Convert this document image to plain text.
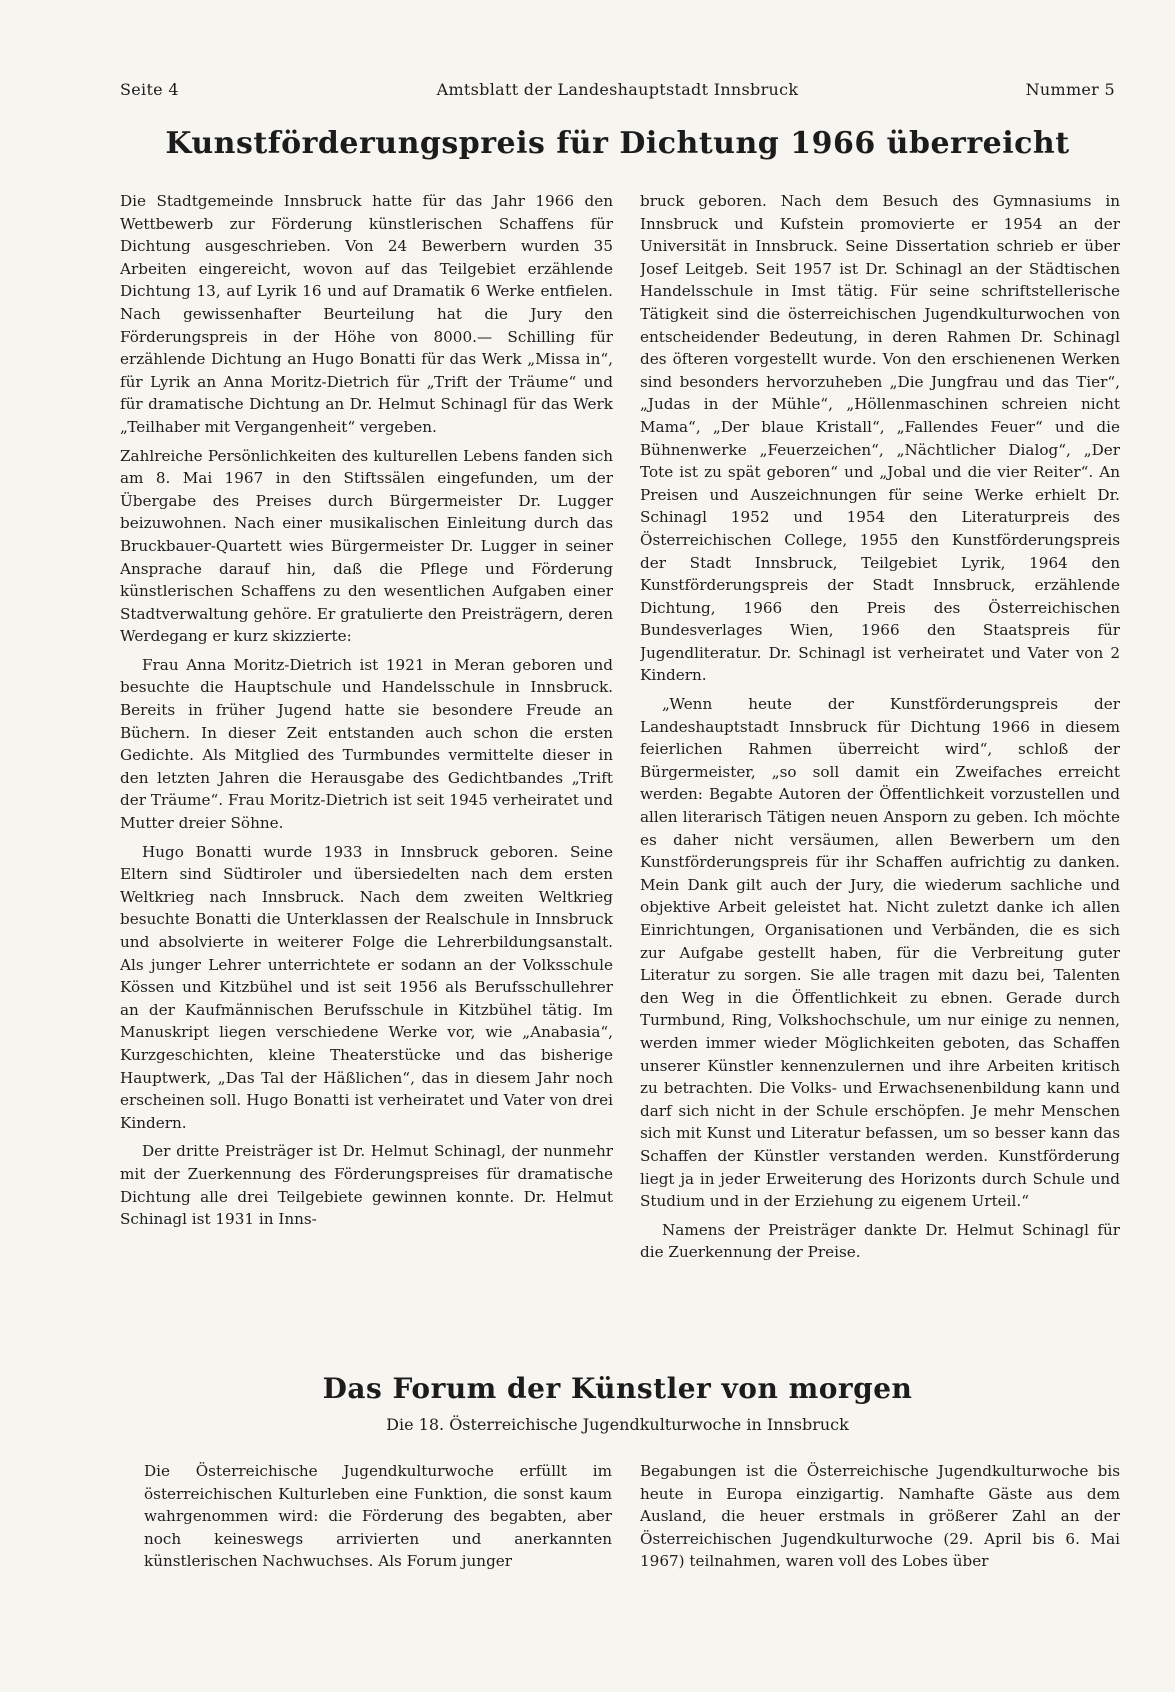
Seite 4	Amtsblatt der Landeshauptstadt Innsbruck	Nummer 5
Kunstförderungspreis für Dichtung 1966 überreicht

Die Stadtgemeinde Innsbruck hatte für das Jahr 1966 den Wettbewerb zur Förderung künstlerischen Schaffens für Dichtung ausgeschrieben. Von 24 Bewerbern wurden 35 Arbeiten eingereicht, wovon auf das Teilgebiet erzählende Dichtung 13, auf Lyrik 16 und auf Dramatik 6 Werke entfielen. Nach gewissenhafter Beurteilung hat die Jury den Förderungspreis in der Höhe von 8000.— Schilling für erzählende Dichtung an Hugo Bonatti für das Werk „Missa in“, für Lyrik an Anna Moritz-Dietrich für „Trift der Träume“ und für dramatische Dichtung an Dr. Helmut Schinagl für das Werk „Teilhaber mit Vergangenheit“ vergeben.

Zahlreiche Persönlichkeiten des kulturellen Lebens fanden sich am 8. Mai 1967 in den Stiftssälen eingefunden, um der Übergabe des Preises durch Bürgermeister Dr. Lugger beizuwohnen. Nach einer musikalischen Einleitung durch das Bruckbauer-Quartett wies Bürgermeister Dr. Lugger in seiner Ansprache darauf hin, daß die Pflege und Förderung künstlerischen Schaffens zu den wesentlichen Aufgaben einer Stadtverwaltung gehöre. Er gratulierte den Preisträgern, deren Werdegang er kurz skizzierte:

Frau Anna Moritz-Dietrich ist 1921 in Meran geboren und besuchte die Hauptschule und Handelsschule in Innsbruck. Bereits in früher Jugend hatte sie besondere Freude an Büchern. In dieser Zeit entstanden auch schon die ersten Gedichte. Als Mitglied des Turmbundes vermittelte dieser in den letzten Jahren die Herausgabe des Gedichtbandes „Trift der Träume“. Frau Moritz-Dietrich ist seit 1945 verheiratet und Mutter dreier Söhne.

Hugo Bonatti wurde 1933 in Innsbruck geboren. Seine Eltern sind Südtiroler und übersiedelten nach dem ersten Weltkrieg nach Innsbruck. Nach dem zweiten Weltkrieg besuchte Bonatti die Unterklassen der Realschule in Innsbruck und absolvierte in weiterer Folge die Lehrerbildungsanstalt. Als junger Lehrer unterrichtete er sodann an der Volksschule Kössen und Kitzbühel und ist seit 1956 als Berufsschullehrer an der Kaufmännischen Berufsschule in Kitzbühel tätig. Im Manuskript liegen verschiedene Werke vor, wie „Anabasia“, Kurzgeschichten, kleine Theaterstücke und das bisherige Hauptwerk, „Das Tal der Häßlichen“, das in diesem Jahr noch erscheinen soll. Hugo Bonatti ist verheiratet und Vater von drei Kindern.

Der dritte Preisträger ist Dr. Helmut Schinagl, der nunmehr mit der Zuerkennung des Förderungspreises für dramatische Dichtung alle drei Teilgebiete gewinnen konnte. Dr. Helmut Schinagl ist 1931 in Inns-

bruck geboren. Nach dem Besuch des Gymnasiums in Innsbruck und Kufstein promovierte er 1954 an der Universität in Innsbruck. Seine Dissertation schrieb er über Josef Leitgeb. Seit 1957 ist Dr. Schinagl an der Städtischen Handelsschule in Imst tätig. Für seine schriftstellerische Tätigkeit sind die österreichischen Jugendkulturwochen von entscheidender Bedeutung, in deren Rahmen Dr. Schinagl des öfteren vorgestellt wurde. Von den erschienenen Werken sind besonders hervorzuheben „Die Jungfrau und das Tier“, „Judas in der Mühle“, „Höllenmaschinen schreien nicht Mama“, „Der blaue Kristall“, „Fallendes Feuer“ und die Bühnenwerke „Feuerzeichen“, „Nächtlicher Dialog“, „Der Tote ist zu spät geboren“ und „Jobal und die vier Reiter“. An Preisen und Auszeichnungen für seine Werke erhielt Dr. Schinagl 1952 und 1954 den Literaturpreis des Österreichischen College, 1955 den Kunstförderungspreis der Stadt Innsbruck, Teilgebiet Lyrik, 1964 den Kunstförderungspreis der Stadt Innsbruck, erzählende Dichtung, 1966 den Preis des Österreichischen Bundesverlages Wien, 1966 den Staatspreis für Jugendliteratur. Dr. Schinagl ist verheiratet und Vater von 2 Kindern.

„Wenn heute der Kunstförderungspreis der Landeshauptstadt Innsbruck für Dichtung 1966 in diesem feierlichen Rahmen überreicht wird“, schloß der Bürgermeister, „so soll damit ein Zweifaches erreicht werden: Begabte Autoren der Öffentlichkeit vorzustellen und allen literarisch Tätigen neuen Ansporn zu geben. Ich möchte es daher nicht versäumen, allen Bewerbern um den Kunstförderungspreis für ihr Schaffen aufrichtig zu danken. Mein Dank gilt auch der Jury, die wiederum sachliche und objektive Arbeit geleistet hat. Nicht zuletzt danke ich allen Einrichtungen, Organisationen und Verbänden, die es sich zur Aufgabe gestellt haben, für die Verbreitung guter Literatur zu sorgen. Sie alle tragen mit dazu bei, Talenten den Weg in die Öffentlichkeit zu ebnen. Gerade durch Turmbund, Ring, Volkshochschule, um nur einige zu nennen, werden immer wieder Möglichkeiten geboten, das Schaffen unserer Künstler kennenzulernen und ihre Arbeiten kritisch zu betrachten. Die Volks- und Erwachsenenbildung kann und darf sich nicht in der Schule erschöpfen. Je mehr Menschen sich mit Kunst und Literatur befassen, um so besser kann das Schaffen der Künstler verstanden werden. Kunstförderung liegt ja in jeder Erweiterung des Horizonts durch Schule und Studium und in der Erziehung zu eigenem Urteil.“

Namens der Preisträger dankte Dr. Helmut Schinagl für die Zuerkennung der Preise.

Das Forum der Künstler von morgen
Die 18. Österreichische Jugendkulturwoche in Innsbruck

Die Österreichische Jugendkulturwoche erfüllt im österreichischen Kulturleben eine Funktion, die sonst kaum wahrgenommen wird: die Förderung des begabten, aber noch keineswegs arrivierten und anerkannten künstlerischen Nachwuchses. Als Forum junger

Begabungen ist die Österreichische Jugendkulturwoche bis heute in Europa einzigartig. Namhafte Gäste aus dem Ausland, die heuer erstmals in größerer Zahl an der Österreichischen Jugendkulturwoche (29. April bis 6. Mai 1967) teilnahmen, waren voll des Lobes über
